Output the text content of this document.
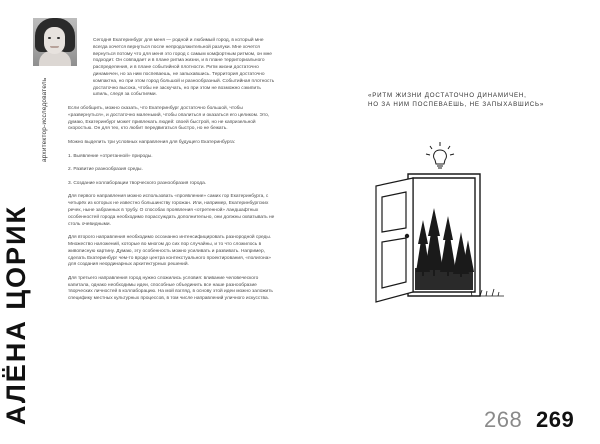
архитектор-исследователь
АЛЁНА ЦОРИК

Сегодня Екатеринбург для меня — родной и любимый город, в который мне всегда хочется вернуться после непродолжительной разлуки. Мне хочется вернуться потому что для меня это город с самым комфортным ритмом, он мне подходит. Он совпадает и в плане ритма жизни, и в плане территориального распределения, и в плане событийной плотности. Ритм жизни достаточно динамичен, но за ним поспеваешь, не запыхавшись. Территория достаточно компактна, но при этом город большой и разнообразный. Событийная плотность достаточно высока, чтобы не заскучать, но при этом не возможно сэкипить шпиль, следя за событиями.

Если обобщить, можно сказать, что Екатеринбург достаточно большой, чтобы «развернуться», и достаточно маленький, чтобы опалиться и оказаться его целиком. Это, думаю, Екатеринбург может привлекать людей: своей быстрой, но не капризельной скоростью. Он для тех, кто любит передвигаться быстро, но не бежать.

Можно выделить три условных направления для будущего Екатеринбурга:

1. Выявление «отретанной» природы.

2. Развитие разнообразия среды.

3. Создание коллаборации творческого разнообразия города.

Для первого направления можно использовать «проявление» самих гор Екатеринбурга, с четырёх из которых не известно большинству горожан. Или, например, Екатеринбургских речек, ныне забранных в трубу. О способах проявления «отретенной» ландшафтных особенностей города необходимо порассуждать дополнительно, они должны охватывать не столь очевидными.

Для второго направления необходимо осознанно интенсифицировать разнородной среды. Множество наложений, которые во многом до сих пор случайны, и то что сложилось в живописную картину. Думаю, эту особенность можно усиливать и развивать. Например, сделать Екатеринбург чем-то вроде центра контекстуального проектирования, «полигона» для создания неординарных архитектурных решений.

Для третьего направления город нужно сложились условия: вливание человеческого капитала, однако необходимы идеи, способные объединить все наше разнообразие творческих личностей в коллаборацию. На мой взгляд, в основу этой идеи можно заложить специфику местных культурных процессов, в том числе направлений уличного искусства.

«РИТМ ЖИЗНИ ДОСТАТОЧНО ДИНАМИЧЕН,
НО ЗА НИМ ПОСПЕВАЕШЬ, НЕ ЗАПЫХАВШИСЬ»
268 269
